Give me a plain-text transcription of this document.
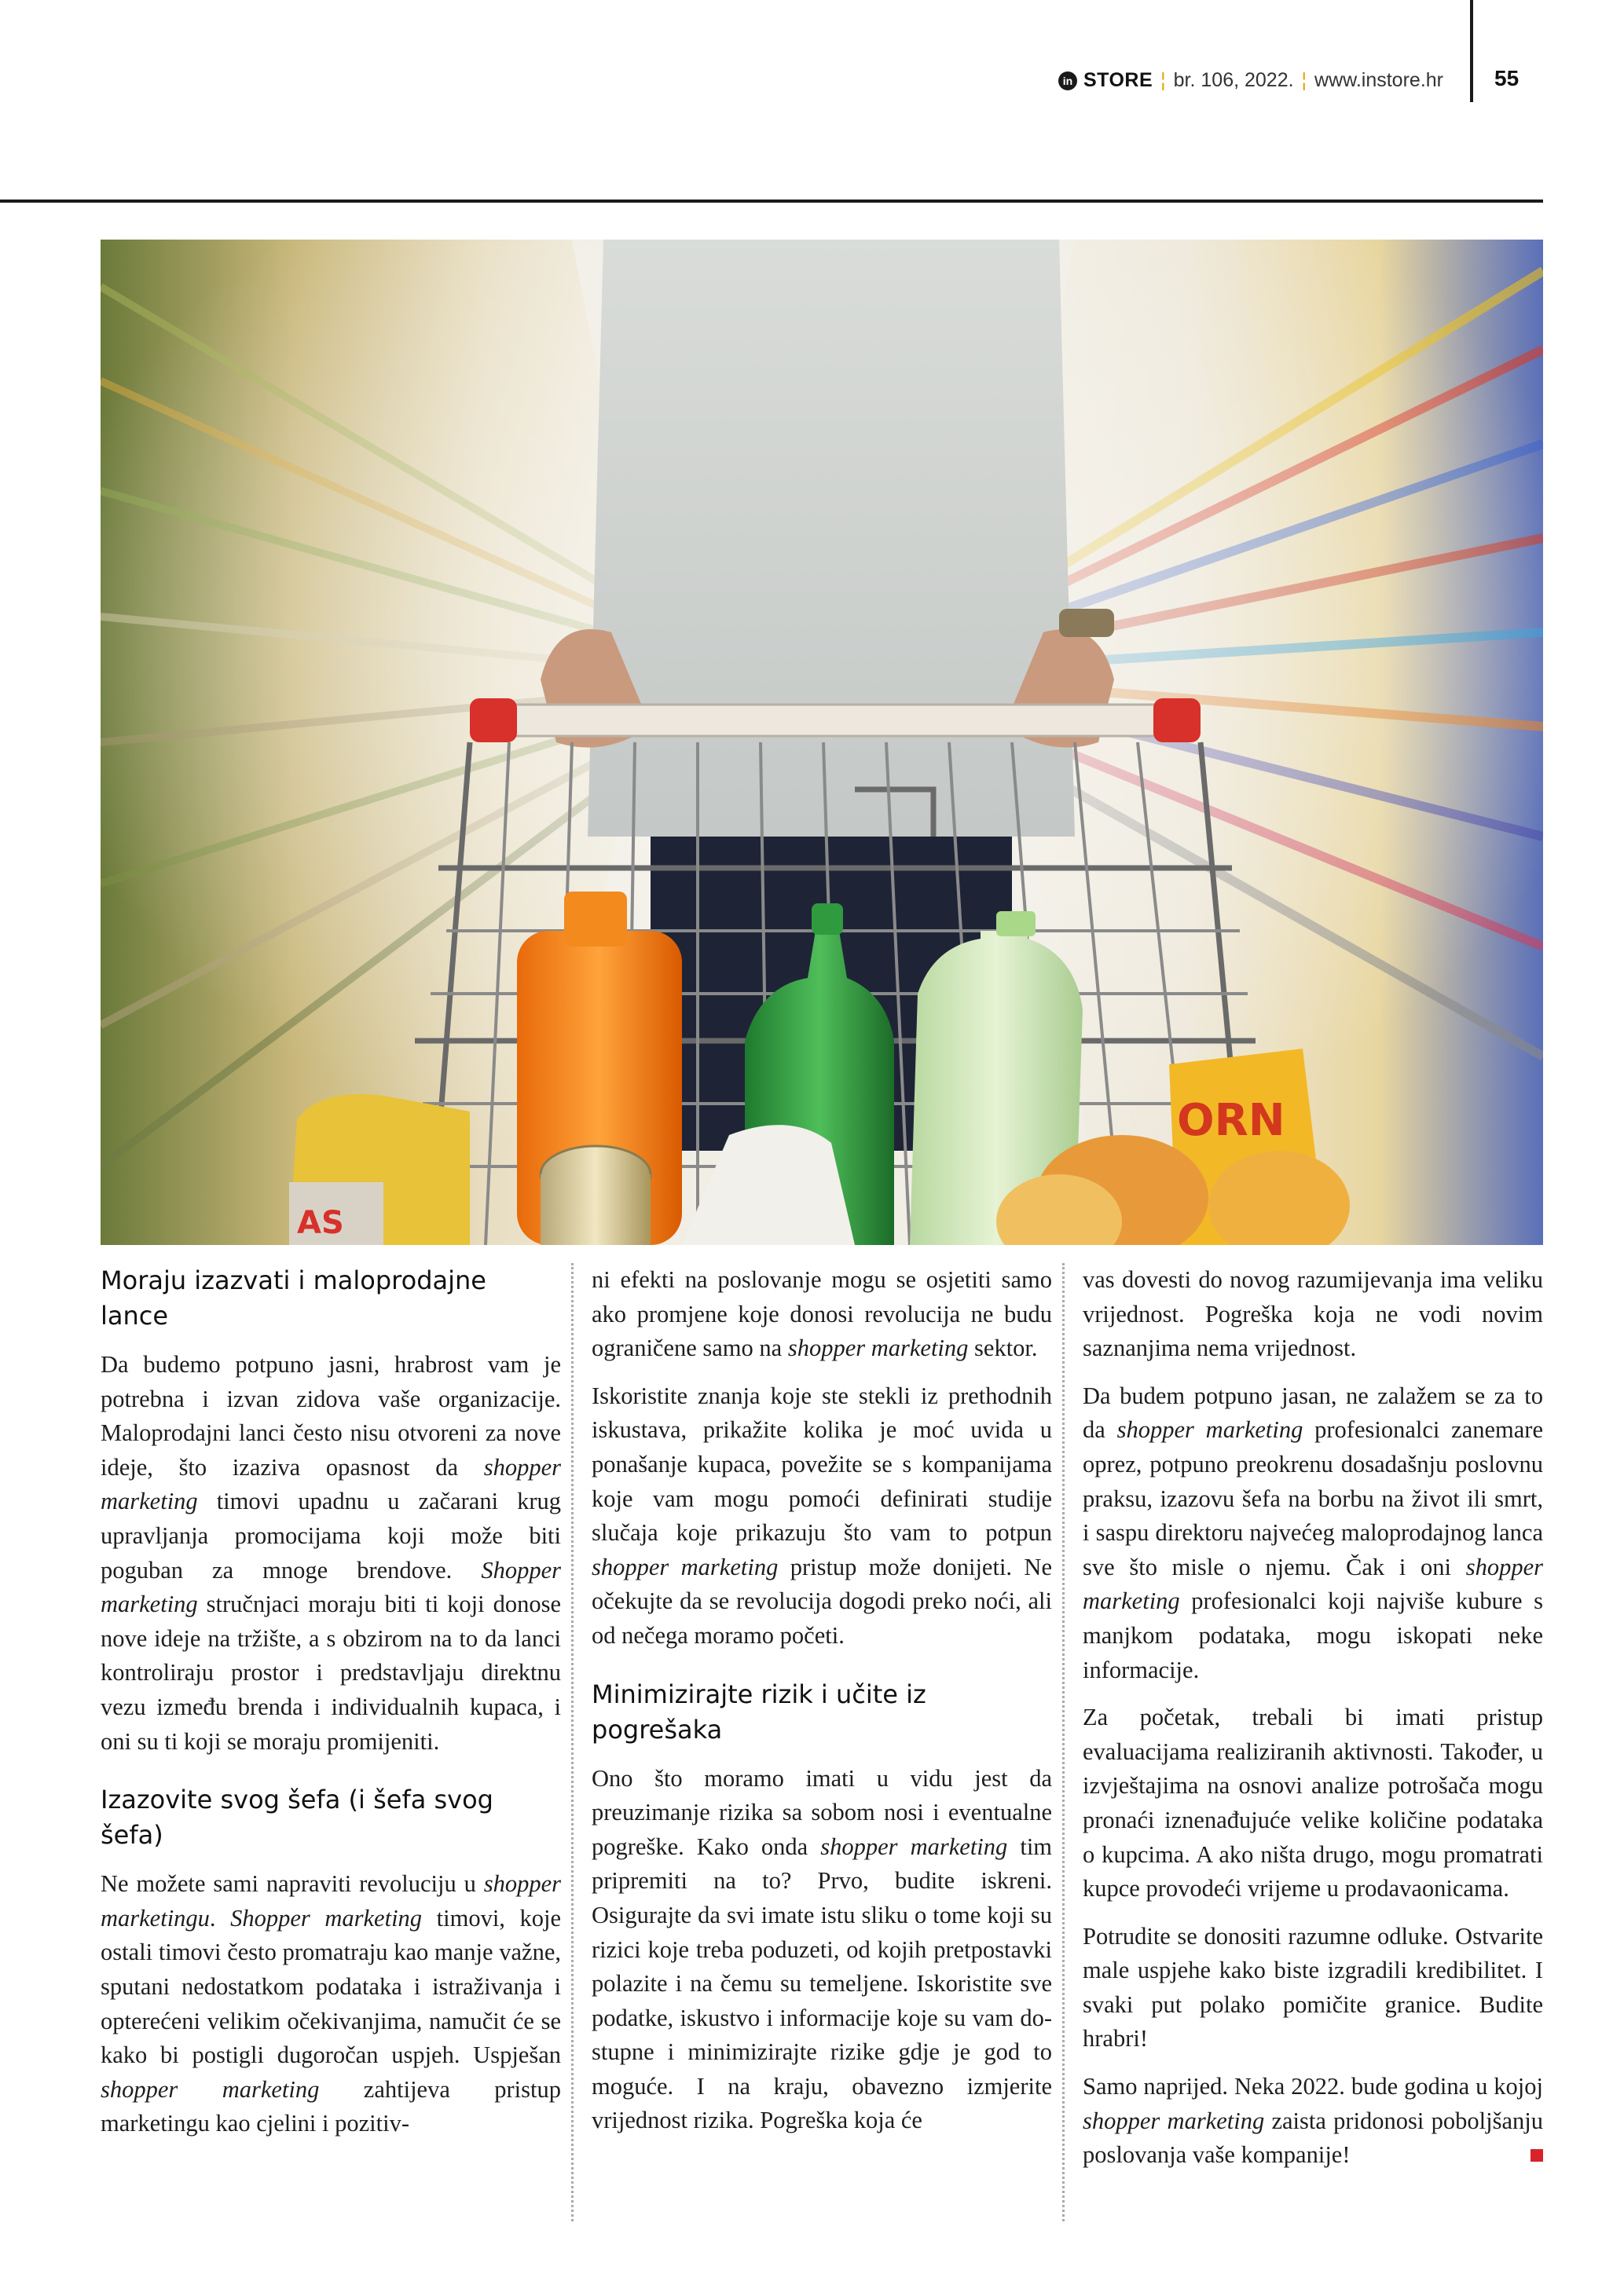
in STORE ¦ br. 106, 2022. ¦ www.instore.hr 55
AS
ORN
Moraju izazvati i maloprodajne lance

Da budemo potpuno jasni, hrabrost vam je potrebna i izvan zidova vaše organizacije. Maloprodajni lanci često nisu otvoreni za nove ideje, što izaziva opasnost da shopper marketing timovi upadnu u začarani krug upravljanja promocijama koji može biti poguban za mnoge brendove. Shopper marketing stručnjaci moraju biti ti koji donose nove ideje na tržište, a s obzirom na to da lanci kontroliraju prostor i predstavljaju direktnu vezu između brenda i individualnih kupaca, i oni su ti koji se moraju promijeniti.

Izazovite svog šefa (i šefa svog šefa)

Ne možete sami napraviti revoluciju u shopper marketingu. Shopper marketing timovi, koje ostali timovi često promatraju kao manje važne, sputani nedostatkom podataka i istraživanja i opterećeni velikim očekivanjima, namučit će se kako bi postigli dugoročan uspjeh. Uspješan shopper marketing zahtijeva pristup marketingu kao cjelini i pozitiv-

ni efekti na poslovanje mogu se osjetiti samo ako promjene koje donosi revolucija ne budu ograničene samo na shopper marketing sektor.

Iskoristite znanja koje ste stekli iz prethodnih iskustava, prikažite kolika je moć uvida u ponašanje kupaca, povežite se s kompanijama koje vam mogu pomoći definirati studije slučaja koje prikazuju što vam to potpun shopper marketing pristup može donijeti. Ne očekujte da se revolucija dogodi preko noći, ali od nečega moramo početi.

Minimizirajte rizik i učite iz pogrešaka

Ono što moramo imati u vidu jest da preuzimanje rizika sa sobom nosi i eventualne pogreške. Kako onda shopper marketing tim pripremiti na to? Prvo, budite iskreni. Osigurajte da svi imate istu sliku o tome koji su rizici koje treba poduzeti, od kojih pretpostavki polazite i na čemu su temeljene. Iskoristite sve podatke, iskustvo i informacije koje su vam dostupne i minimizirajte rizike gdje je god to moguće. I na kraju, obavezno izmjerite vrijednost rizika. Pogreška koja će

vas dovesti do novog razumijevanja ima veliku vrijednost. Pogreška koja ne vodi novim saznanjima nema vrijednost.

Da budem potpuno jasan, ne zalažem se za to da shopper marketing profesionalci zanemare oprez, potpuno preokrenu dosadašnju poslovnu praksu, izazovu šefa na borbu na život ili smrt, i saspu direktoru najvećeg maloprodajnog lanca sve što misle o njemu. Čak i oni shopper marketing profesionalci koji najviše kubure s manjkom podataka, mogu iskopati neke informacije.

Za početak, trebali bi imati pristup evaluacijama realiziranih aktivnosti. Također, u izvještajima na osnovi analize potrošača mogu pronaći iznenađujuće velike količine podataka o kupcima. A ako ništa drugo, mogu promatrati kupce provodeći vrijeme u prodavaonicama.

Potrudite se donositi razumne odluke. Ostvarite male uspjehe kako biste izgradili kredibilitet. I svaki put polako pomičite granice. Budite hrabri!

Samo naprijed. Neka 2022. bude godina u kojoj shopper marketing zaista pridonosi poboljšanju poslovanja vaše kompanije!
